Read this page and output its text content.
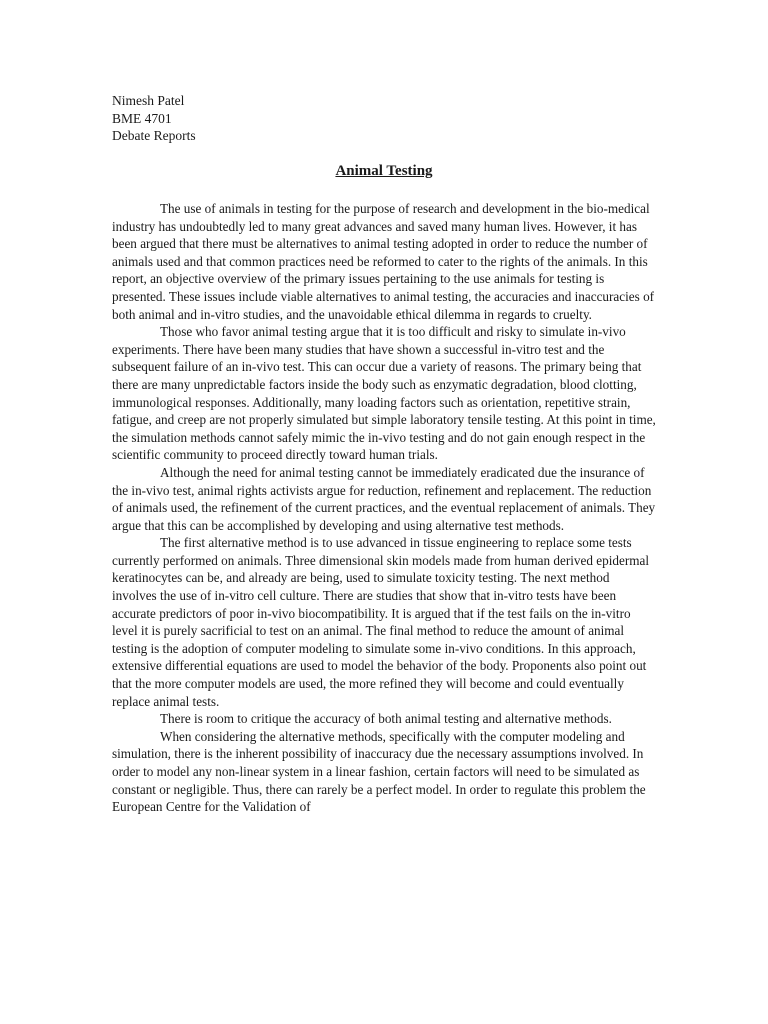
Nimesh Patel
BME 4701
Debate Reports
Animal Testing

The use of animals in testing for the purpose of research and development in the bio-medical industry has undoubtedly led to many great advances and saved many human lives. However, it has been argued that there must be alternatives to animal testing adopted in order to reduce the number of animals used and that common practices need be reformed to cater to the rights of the animals. In this report, an objective overview of the primary issues pertaining to the use animals for testing is presented. These issues include viable alternatives to animal testing, the accuracies and inaccuracies of both animal and in-vitro studies, and the unavoidable ethical dilemma in regards to cruelty.

Those who favor animal testing argue that it is too difficult and risky to simulate in-vivo experiments. There have been many studies that have shown a successful in-vitro test and the subsequent failure of an in-vivo test. This can occur due a variety of reasons. The primary being that there are many unpredictable factors inside the body such as enzymatic degradation, blood clotting, immunological responses. Additionally, many loading factors such as orientation, repetitive strain, fatigue, and creep are not properly simulated but simple laboratory tensile testing. At this point in time, the simulation methods cannot safely mimic the in-vivo testing and do not gain enough respect in the scientific community to proceed directly toward human trials.

Although the need for animal testing cannot be immediately eradicated due the insurance of the in-vivo test, animal rights activists argue for reduction, refinement and replacement. The reduction of animals used, the refinement of the current practices, and the eventual replacement of animals. They argue that this can be accomplished by developing and using alternative test methods.

The first alternative method is to use advanced in tissue engineering to replace some tests currently performed on animals. Three dimensional skin models made from human derived epidermal keratinocytes can be, and already are being, used to simulate toxicity testing. The next method involves the use of in-vitro cell culture. There are studies that show that in-vitro tests have been accurate predictors of poor in-vivo biocompatibility. It is argued that if the test fails on the in-vitro level it is purely sacrificial to test on an animal. The final method to reduce the amount of animal testing is the adoption of computer modeling to simulate some in-vivo conditions. In this approach, extensive differential equations are used to model the behavior of the body. Proponents also point out that the more computer models are used, the more refined they will become and could eventually replace animal tests.

There is room to critique the accuracy of both animal testing and alternative methods.

When considering the alternative methods, specifically with the computer modeling and simulation, there is the inherent possibility of inaccuracy due the necessary assumptions involved. In order to model any non-linear system in a linear fashion, certain factors will need to be simulated as constant or negligible. Thus, there can rarely be a perfect model. In order to regulate this problem the European Centre for the Validation of
